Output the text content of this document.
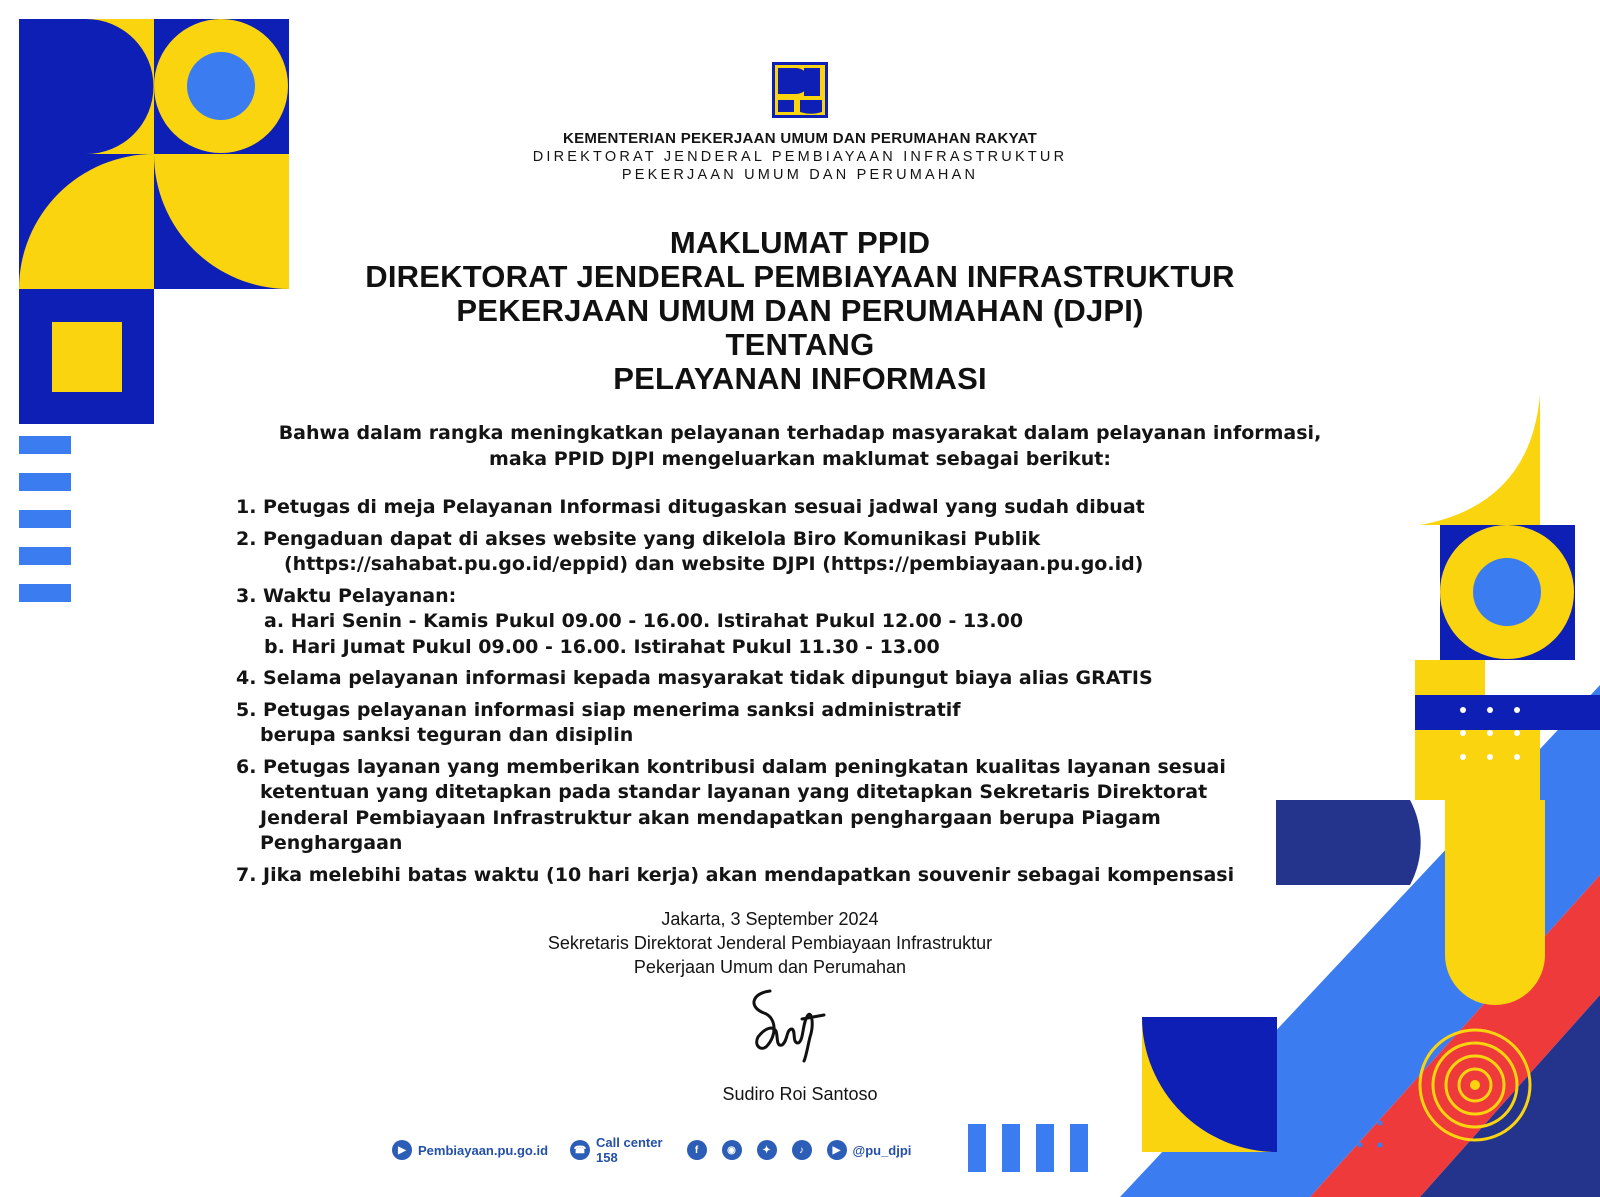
KEMENTERIAN PEKERJAAN UMUM DAN PERUMAHAN RAKYAT
DIREKTORAT JENDERAL PEMBIAYAAN INFRASTRUKTUR
PEKERJAAN UMUM DAN PERUMAHAN
MAKLUMAT PPID
DIREKTORAT JENDERAL PEMBIAYAAN INFRASTRUKTUR
PEKERJAAN UMUM DAN PERUMAHAN (DJPI)
TENTANG
PELAYANAN INFORMASI
Bahwa dalam rangka meningkatkan pelayanan terhadap masyarakat dalam pelayanan informasi,
maka PPID DJPI mengeluarkan maklumat sebagai berikut:
1. Petugas di meja Pelayanan Informasi ditugaskan sesuai jadwal yang sudah dibuat
2. Pengaduan dapat di akses website yang dikelola Biro Komunikasi Publik
(https://sahabat.pu.go.id/eppid) dan website DJPI (https://pembiayaan.pu.go.id)
3. Waktu Pelayanan:
a. Hari Senin - Kamis Pukul 09.00 - 16.00. Istirahat Pukul 12.00 - 13.00
b. Hari Jumat Pukul 09.00 - 16.00. Istirahat Pukul 11.30 - 13.00
4. Selama pelayanan informasi kepada masyarakat tidak dipungut biaya alias GRATIS
5. Petugas pelayanan informasi siap menerima sanksi administratif
berupa sanksi teguran dan disiplin
6. Petugas layanan yang memberikan kontribusi dalam peningkatan kualitas layanan sesuai
ketentuan yang ditetapkan pada standar layanan yang ditetapkan Sekretaris Direktorat
Jenderal Pembiayaan Infrastruktur akan mendapatkan penghargaan berupa Piagam
Penghargaan
7. Jika melebihi batas waktu (10 hari kerja) akan mendapatkan souvenir sebagai kompensasi
Jakarta, 3 September 2024
Sekretaris Direktorat Jenderal Pembiayaan Infrastruktur
Pekerjaan Umum dan Perumahan
Sudiro Roi Santoso
▶ Pembiayaan.pu.go.id	☎ Call center
158	f	◉	✦	♪	▶ @pu_djpi
